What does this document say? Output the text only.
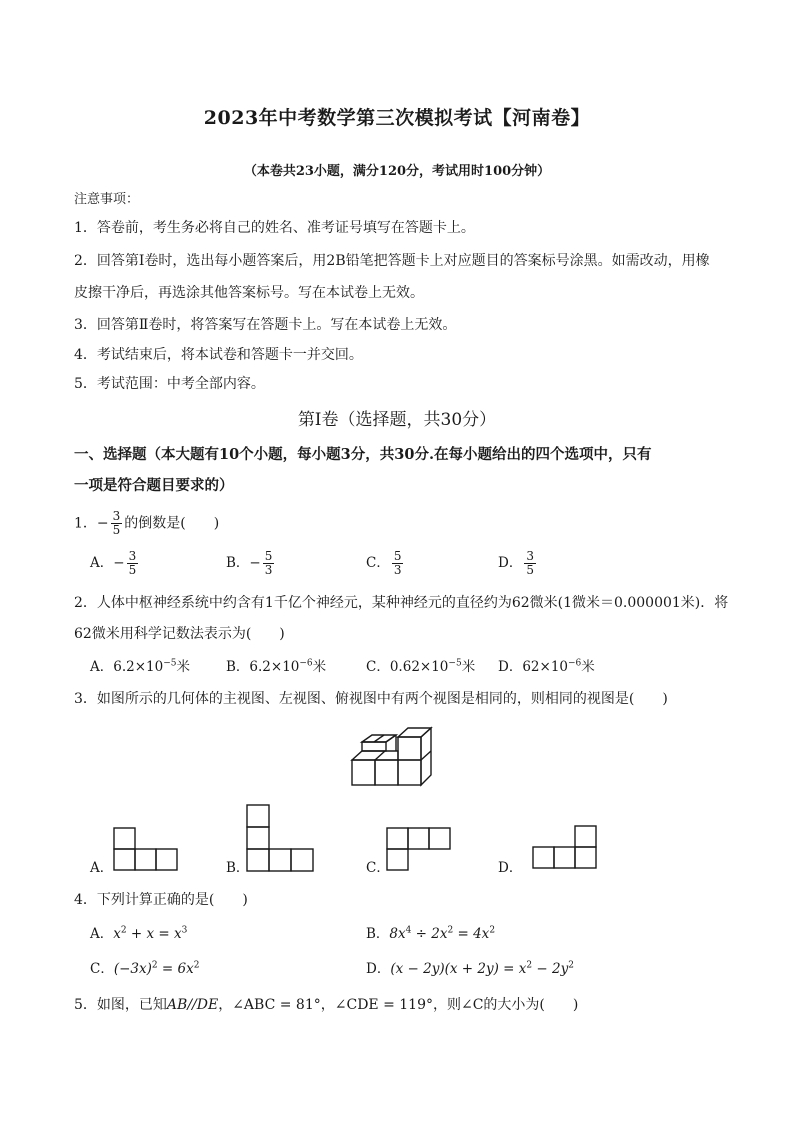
2023年中考数学第三次模拟考试【河南卷】
（本卷共23小题，满分120分，考试用时100分钟）
注意事项：
1．答卷前，考生务必将自己的姓名、准考证号填写在答题卡上。
2．回答第Ⅰ卷时，选出每小题答案后，用2B铅笔把答题卡上对应题目的答案标号涂黑。如需改动，用橡
皮擦干净后，再选涂其他答案标号。写在本试卷上无效。
3．回答第Ⅱ卷时，将答案写在答题卡上。写在本试卷上无效。
4．考试结束后，将本试卷和答题卡一并交回。
5．考试范围：中考全部内容。
第Ⅰ卷（选择题，共30分）
一、选择题（本大题有10个小题，每小题3分，共30分.在每小题给出的四个选项中，只有
一项是符合题目要求的）
1．− $\frac{3}{5}$ 的倒数是(　　)
A．− $\frac{3}{5}$	B．− $\frac{5}{3}$	C． $\frac{5}{3}$	D． $\frac{3}{5}$
2．人体中枢神经系统中约含有1千亿个神经元，某种神经元的直径约为62微米(1微米＝0.000001米)．将
62微米用科学记数法表示为(　　)
A．$6.2\times 10^{-5}$米	B．$6.2\times 10^{-6}$米	C．$0.62\times 10^{-5}$米 D．$62\times 10^{-6}$米
3．如图所示的几何体的主视图、左视图、俯视图中有两个视图是相同的，则相同的视图是(　　)
A．	B．	C．	D．
4．下列计算正确的是(　　)
A．$x^2 + x = x^3$	B．$8x^4 \div 2x^2 = 4x^2$
C．$(-3x)^2 = 6x^2$	D．$(x - 2y)(x + 2y) = x^2 - 2y^2$
5．如图，已知AB//DE，∠ABC = 81°，∠CDE = 119°，则∠C的大小为(　　)
